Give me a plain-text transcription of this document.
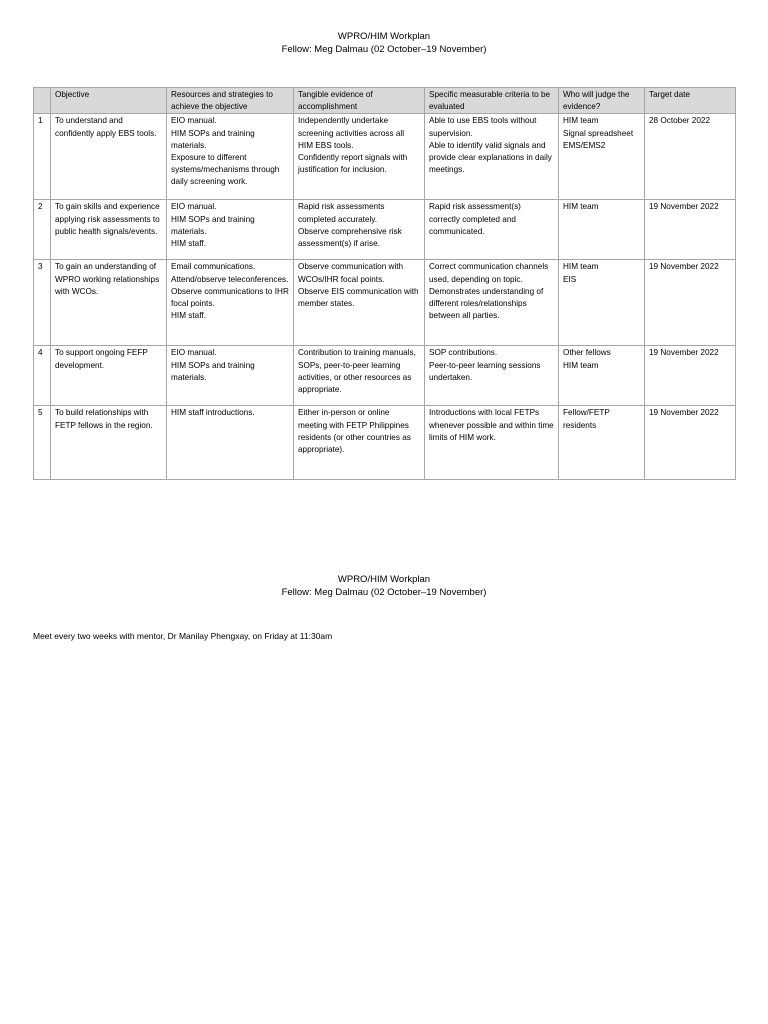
WPRO/HIM Workplan
Fellow: Meg Dalmau (02 October–19 November)
	Objective	Resources and strategies to achieve the objective	Tangible evidence of accomplishment	Specific measurable criteria to be evaluated	Who will judge the evidence?	Target date
1	To understand and confidently apply EBS tools.	EIO manual.
HIM SOPs and training materials.
Exposure to different systems/mechanisms through daily screening work.	Independently undertake screening activities across all HIM EBS tools.
Confidently report signals with justification for inclusion.	Able to use EBS tools without supervision.
Able to identify valid signals and provide clear explanations in daily meetings.	HIM team
Signal spreadsheet
EMS/EMS2	28 October 2022
2	To gain skills and experience applying risk assessments to public health signals/events.	EIO manual.
HIM SOPs and training materials.
HIM staff.	Rapid risk assessments completed accurately.
Observe comprehensive risk assessment(s) if arise.	Rapid risk assessment(s) correctly completed and communicated.	HIM team	19 November 2022
3	To gain an understanding of WPRO working relationships with WCOs.	Email communications.
Attend/observe teleconferences.
Observe communications to IHR focal points.
HIM staff.	Observe communication with WCOs/IHR focal points.
Observe EIS communication with member states.	Correct communication channels used, depending on topic.
Demonstrates understanding of different roles/relationships between all parties.	HIM team
EIS	19 November 2022
4	To support ongoing FEFP development.	EIO manual.
HIM SOPs and training materials.	Contribution to training manuals, SOPs, peer-to-peer learning activities, or other resources as appropriate.	SOP contributions.
Peer-to-peer learning sessions undertaken.	Other fellows
HIM team	19 November 2022
5	To build relationships with FETP fellows in the region.	HIM staff introductions.	Either in-person or online meeting with FETP Philippines residents (or other countries as appropriate).	Introductions with local FETPs whenever possible and within time limits of HIM work.	Fellow/FETP residents	19 November 2022
WPRO/HIM Workplan
Fellow: Meg Dalmau (02 October–19 November)
Meet every two weeks with mentor, Dr Manilay Phengxay, on Friday at 11:30am
